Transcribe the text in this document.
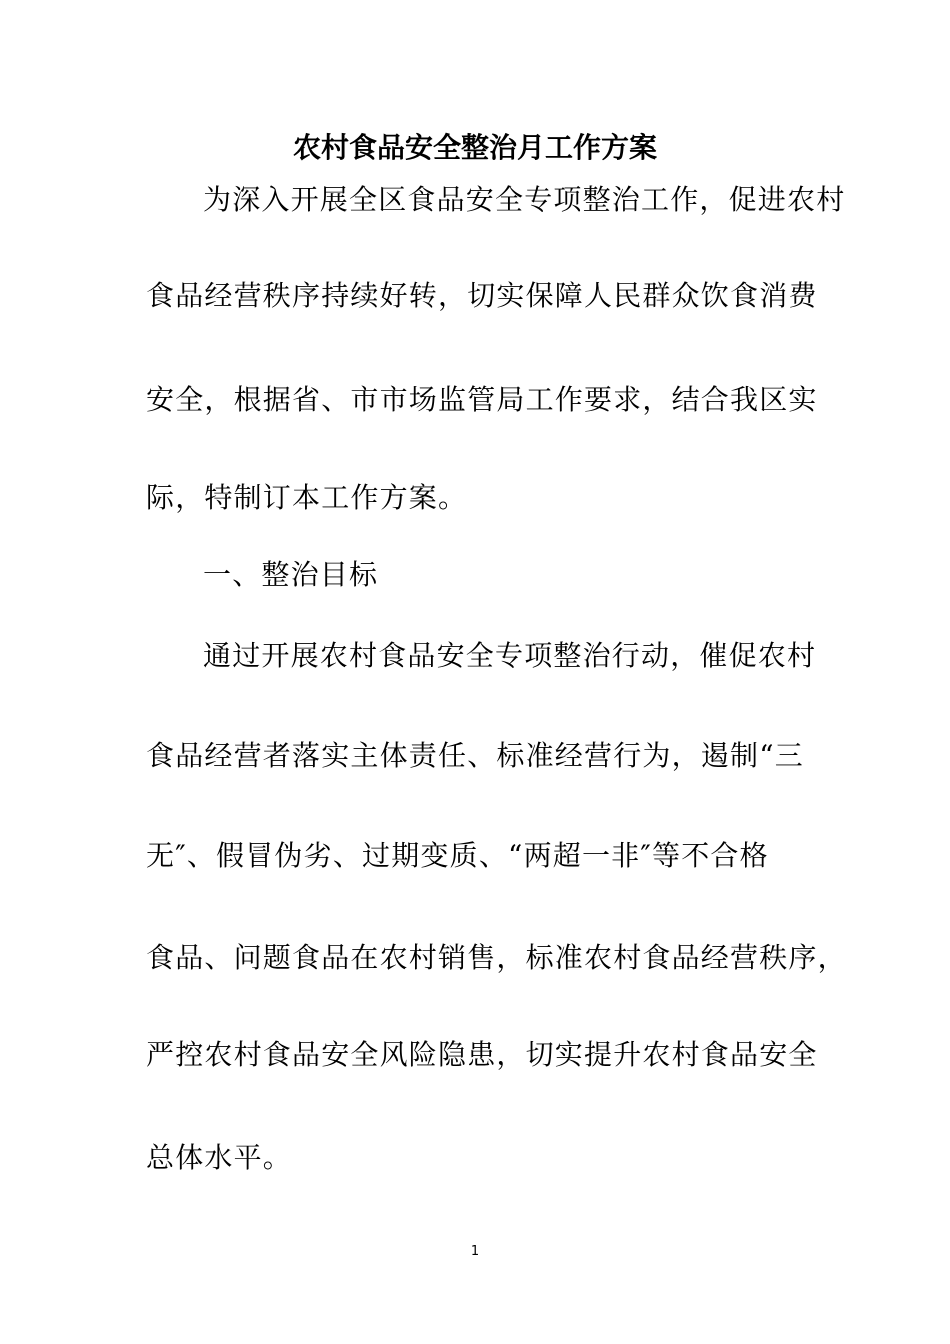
农村食品安全整治月工作方案
为深入开展全区食品安全专项整治工作，促进农村
食品经营秩序持续好转，切实保障人民群众饮食消费
安全，根据省、市市场监管局工作要求，结合我区实
际，特制订本工作方案。
一、整治目标
通过开展农村食品安全专项整治行动，催促农村
食品经营者落实主体责任、标准经营行为，遏制“三
无″、假冒伪劣、过期变质、“两超一非″等不合格
食品、问题食品在农村销售，标准农村食品经营秩序，
严控农村食品安全风险隐患，切实提升农村食品安全
总体水平。
1
